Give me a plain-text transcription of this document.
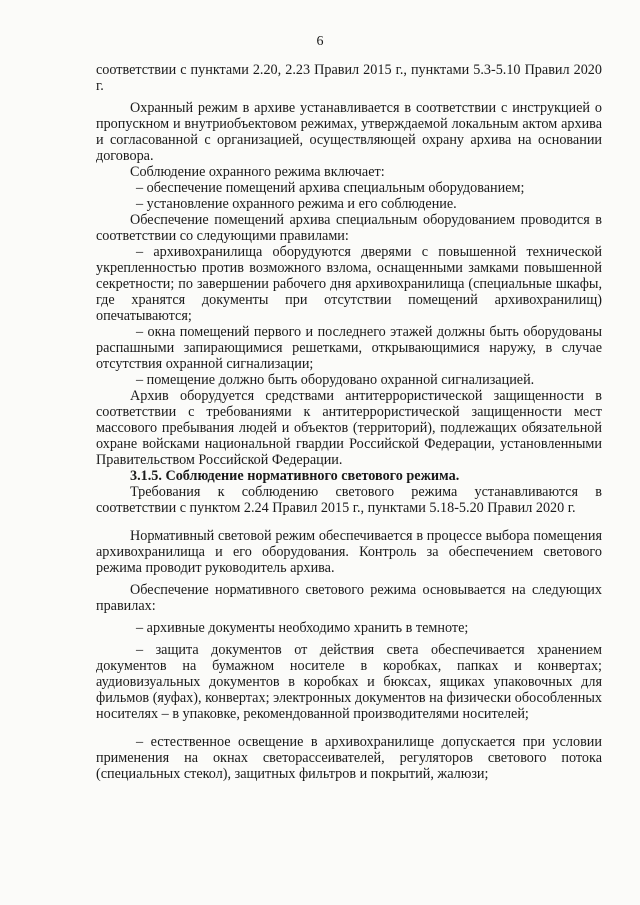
6

соответствии с пунктами 2.20, 2.23 Правил 2015 г., пунктами 5.3-5.10 Правил 2020 г.

Охранный режим в архиве устанавливается в соответствии с инструкцией о пропускном и внутриобъектовом режимах, утверждаемой локальным актом архива и согласованной с организацией, осуществляющей охрану архива на основании договора.

Соблюдение охранного режима включает:

– обеспечение помещений архива специальным оборудованием;

– установление охранного режима и его соблюдение.

Обеспечение помещений архива специальным оборудованием проводится в соответствии со следующими правилами:

– архивохранилища оборудуются дверями с повышенной технической укрепленностью против возможного взлома, оснащенными замками повышенной секретности; по завершении рабочего дня архивохранилища (специальные шкафы, где хранятся документы при отсутствии помещений архивохранилищ) опечатываются;

– окна помещений первого и последнего этажей должны быть оборудованы распашными запирающимися решетками, открывающимися наружу, в случае отсутствия охранной сигнализации;

– помещение должно быть оборудовано охранной сигнализацией.

Архив оборудуется средствами антитеррористической защищенности в соответствии с требованиями к антитеррористической защищенности мест массового пребывания людей и объектов (территорий), подлежащих обязательной охране войсками национальной гвардии Российской Федерации, установленными Правительством Российской Федерации.

3.1.5. Соблюдение нормативного светового режима.

Требования к соблюдению светового режима устанавливаются в соответствии с пунктом 2.24 Правил 2015 г., пунктами 5.18-5.20 Правил 2020 г.

Нормативный световой режим обеспечивается в процессе выбора помещения архивохранилища и его оборудования. Контроль за обеспечением светового режима проводит руководитель архива.

Обеспечение нормативного светового режима основывается на следующих правилах:

– архивные документы необходимо хранить в темноте;

– защита документов от действия света обеспечивается хранением документов на бумажном носителе в коробках, папках и конвертах; аудиовизуальных документов в коробках и бюксах, ящиках упаковочных для фильмов (яуфах), конвертах; электронных документов на физически обособленных носителях – в упаковке, рекомендованной производителями носителей;

– естественное освещение в архивохранилище допускается при условии применения на окнах светорассеивателей, регуляторов светового потока (специальных стекол), защитных фильтров и покрытий, жалюзи;
